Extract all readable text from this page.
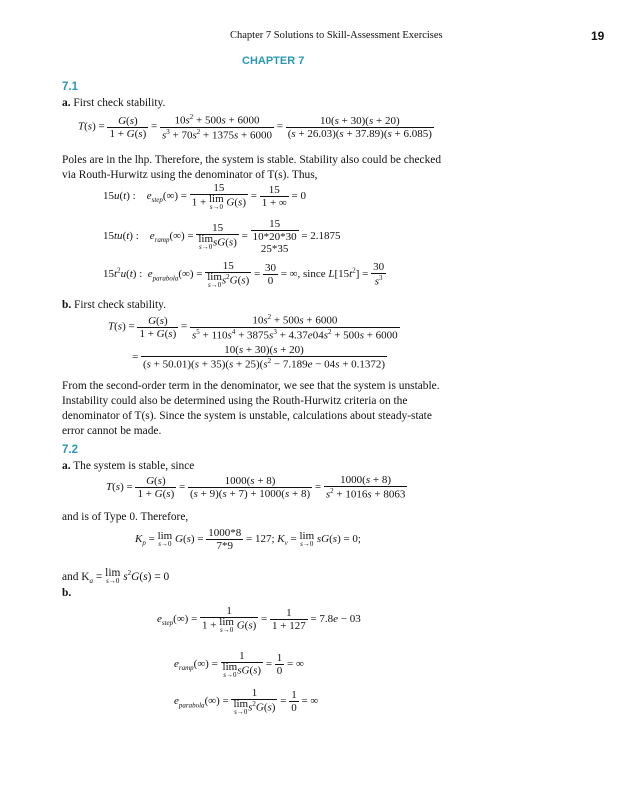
Chapter 7 Solutions to Skill-Assessment Exercises	19
CHAPTER 7
7.1
a. First check stability.
$T(s) = \frac{G(s)}{1 + G(s)} = \frac{10s^2 + 500s + 6000}{s^3 + 70s^2 + 1375s + 6000} = \frac{10(s + 30)(s + 20)}{(s + 26.03)(s + 37.89)(s + 6.085)}$
Poles are in the lhp. Therefore, the system is stable. Stability also could be checked
via Routh-Hurwitz using the denominator of T(s). Thus,
15u(t) :    $e_{step}(\infty) = 15$
1 + lim
s→0 $G(s) = \frac{15}{1 + \infty} = 0$
15tu(t) :    $e_{ramp}(\infty) = 15$
lim
s→0 sG(s) =
15
10*20*30
25*35
= 2.1875
$15t^2u(t)$ :  $e_{parabola}(\infty) = 15$
lim
s→0 $s^2G(s) = \frac{30}{0}$ = ∞, since $L[15t^2] = \frac{30}{s^3}$
b. First check stability.
$T(s) = \frac{G(s)}{1 + G(s)} = \frac{10s^2 + 500s + 6000}{s^5 + 110s^4 + 3875s^3 + 4.37e04s^2 + 500s + 6000}$
= $\frac{10(s + 30)(s + 20)}{(s + 50.01)(s + 35)(s + 25)(s^2 - 7.189e - 04s + 0.1372)}$
From the second-order term in the denominator, we see that the system is unstable.
Instability could also be determined using the Routh-Hurwitz criteria on the
denominator of T(s). Since the system is unstable, calculations about steady-state
error cannot be made.
7.2
a. The system is stable, since
$T(s) = \frac{G(s)}{1 + G(s)} = \frac{1000(s + 8)}{(s + 9)(s + 7) + 1000(s + 8)} = \frac{1000(s + 8)}{s^2 + 1016s + 8063}$
and is of Type 0. Therefore,
$K_p = \lim$
s→0 $G(s) = \frac{1000*8}{7*9} = 127$; $K_v = \lim$
s→0 sG(s) = 0;
and $K_a = \lim$
s→0 $s^2G(s) = 0$
b.
$e_{step}(\infty) = 1$
1 + lim
s→0 $G(s) = \frac{1}{1 + 127} = 7.8e - 03$
$e_{ramp}(\infty) = 1$
lim
s→0 $sG(s) = \frac{1}{0}$ = ∞
$e_{parabola}(\infty) = 1$
lim
s→0 $s^2G(s) = \frac{1}{0}$ = ∞
